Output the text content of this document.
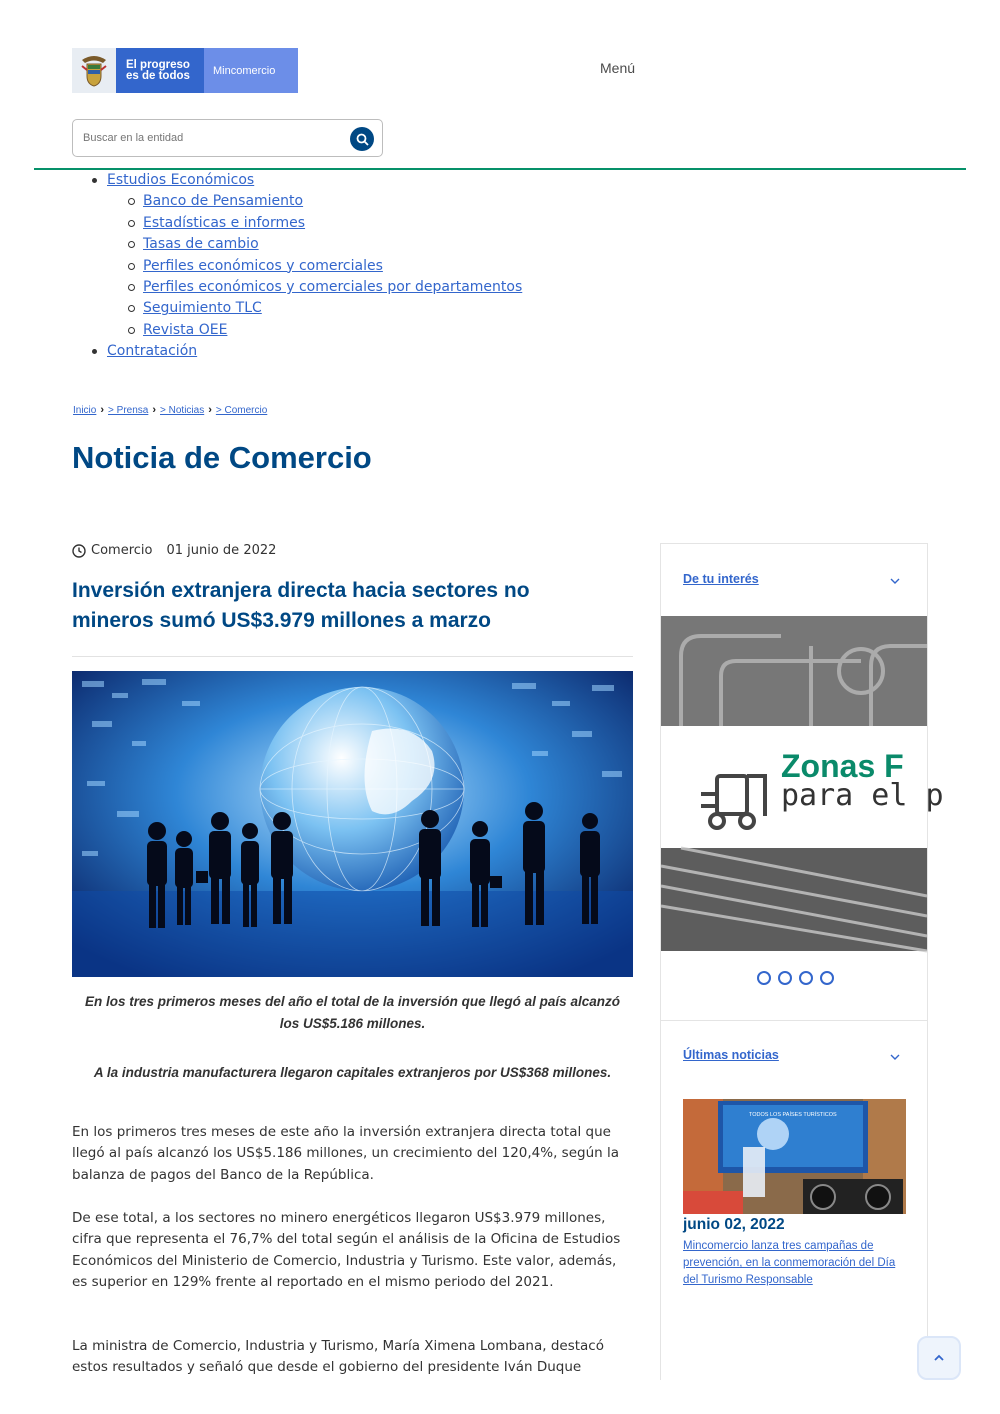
El progreso
es de todos	Mincomercio	Menú
Buscar en la entidad
Estudios Económicos
Banco de Pensamiento
Estadísticas e informes
Tasas de cambio
Perfiles económicos y comerciales
Perfiles económicos y comerciales por departamentos
Seguimiento TLC
Revista OEE
Contratación
Inicio › > Prensa › > Noticias › > Comercio
Noticia de Comercio
Comercio 01 junio de 2022
Inversión extranjera directa hacia sectores no mineros sumó US$3.979 millones a marzo

En los tres primeros meses del año el total de la inversión que llegó al país alcanzó los US$5.186 millones.

A la industria manufacturera llegaron capitales extranjeros por US$368 millones.

En los primeros tres meses de este año la inversión extranjera directa total que llegó al país alcanzó los US$5.186 millones, un crecimiento del 120,4%, según la balanza de pagos del Banco de la República.

De ese total, a los sectores no minero energéticos llegaron US$3.979 millones, cifra que representa el 76,7% del total según el análisis de la Oficina de Estudios Económicos del Ministerio de Comercio, Industria y Turismo. Este valor, además, es superior en 129% frente al reportado en el mismo periodo del 2021.

La ministra de Comercio, Industria y Turismo, María Ximena Lombana, destacó estos resultados y señaló que desde el gobierno del presidente Iván Duque

De tu interés
Zonas F
para el p
Últimas noticias
TODOS LOS PAÍSES TURÍSTICOS
junio 02, 2022
Mincomercio lanza tres campañas de prevención, en la conmemoración del Día del Turismo Responsable
